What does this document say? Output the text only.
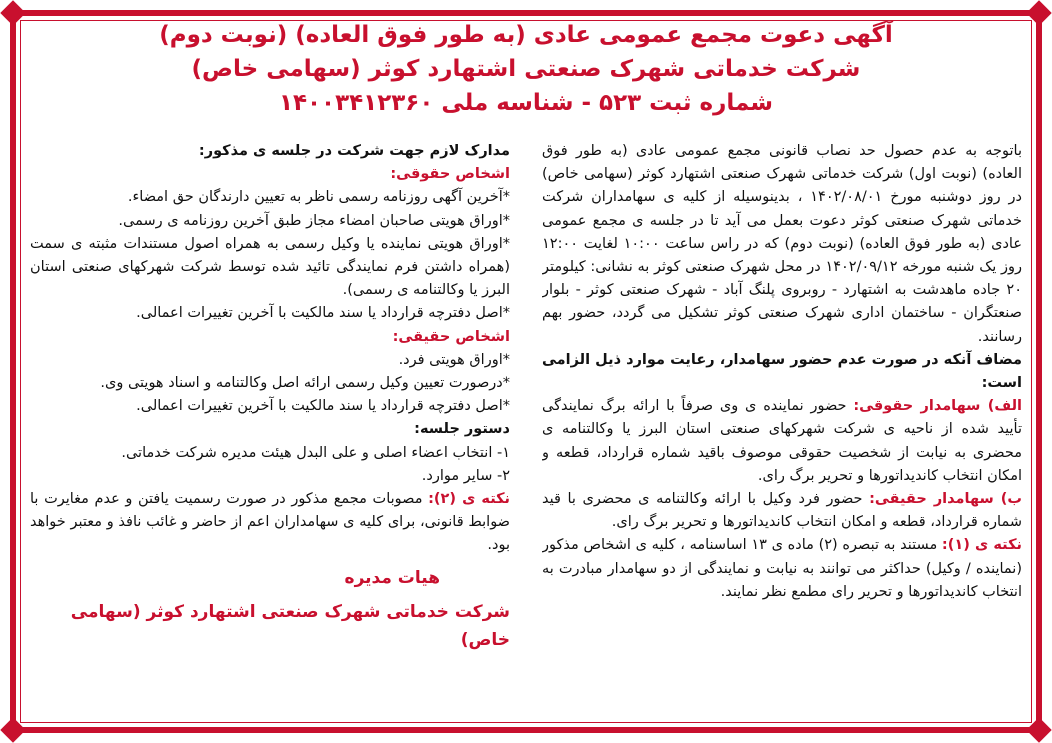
آگهی دعوت مجمع عمومی عادی (به طور فوق العاده) (نوبت دوم)
شرکت خدماتی شهرک صنعتی اشتهارد کوثر (سهامی خاص)
شماره ثبت ۵۲۳ - شناسه ملی ۱۴۰۰۳۴۱۲۳۶۰

باتوجه به عدم حصول حد نصاب قانونی مجمع عمومی عادی (به طور فوق العاده) (نوبت اول) شرکت خدماتی شهرک صنعتی اشتهارد کوثر (سهامی خاص) در روز دوشنبه مورخ ۱۴۰۲/۰۸/۰۱ ، بدینوسیله از کلیه ی سهامداران شرکت خدماتی شهرک صنعتی کوثر دعوت بعمل می آید تا در جلسه ی مجمع عمومی عادی (به طور فوق العاده) (نوبت دوم) که در راس ساعت ۱۰:۰۰ لغایت ۱۲:۰۰ روز یک شنبه مورخه ۱۴۰۲/۰۹/۱۲ در محل شهرک صنعتی کوثر به نشانی: کیلومتر ۲۰ جاده ماهدشت به اشتهارد - روبروی پلنگ آباد - شهرک صنعتی کوثر - بلوار صنعتگران - ساختمان اداری شهرک صنعتی کوثر تشکیل می گردد، حضور بهم رسانند.

مضاف آنکه در صورت عدم حضور سهامدار، رعایت موارد ذیل الزامی است:

الف) سهامدار حقوقی: حضور نماینده ی وی صرفاً با ارائه برگ نمایندگی تأیید شده از ناحیه ی شرکت شهرکهای صنعتی استان البرز یا وکالتنامه ی محضری به نیابت از شخصیت حقوقی موصوف باقید شماره قرارداد، قطعه و امکان انتخاب کاندیداتورها و تحریر برگ رای.

ب) سهامدار حقیقی: حضور فرد وکیل با ارائه وکالتنامه ی محضری با قید شماره قرارداد، قطعه و امکان انتخاب کاندیداتورها و تحریر برگ رای.

نکته ی (۱): مستند به تبصره (۲) ماده ی ۱۳ اساسنامه ، کلیه ی اشخاص مذکور (نماینده / وکیل) حداکثر می توانند به نیابت و نمایندگی از دو سهامدار مبادرت به انتخاب کاندیداتورها و تحریر رای مطمع نظر نمایند.

مدارک لازم جهت شرکت در جلسه ی مذکور:

اشخاص حقوقی:

*آخرین آگهی روزنامه رسمی ناظر به تعیین دارندگان حق امضاء.

*اوراق هویتی صاحبان امضاء مجاز طبق آخرین روزنامه ی رسمی.

*اوراق هویتی نماینده یا وکیل رسمی به همراه اصول مستندات مثبته ی سمت (همراه داشتن فرم نمایندگی تائید شده توسط شرکت شهرکهای صنعتی استان البرز یا وکالتنامه ی رسمی).

*اصل دفترچه قرارداد یا سند مالکیت با آخرین تغییرات اعمالی.

اشخاص حقیقی:

*اوراق هویتی فرد.

*درصورت تعیین وکیل رسمی ارائه اصل وکالتنامه و اسناد هویتی وی.

*اصل دفترچه قرارداد یا سند مالکیت با آخرین تغییرات اعمالی.

دستور جلسه:

۱- انتخاب اعضاء اصلی و علی البدل هیئت مدیره شرکت خدماتی.

۲- سایر موارد.

نکته ی (۲): مصوبات مجمع مذکور در صورت رسمیت یافتن و عدم مغایرت با ضوابط قانونی، برای کلیه ی سهامداران اعم از حاضر و غائب نافذ و معتبر خواهد بود.

هیات مدیره
شرکت خدماتی شهرک صنعتی اشتهارد کوثر (سهامی خاص)
